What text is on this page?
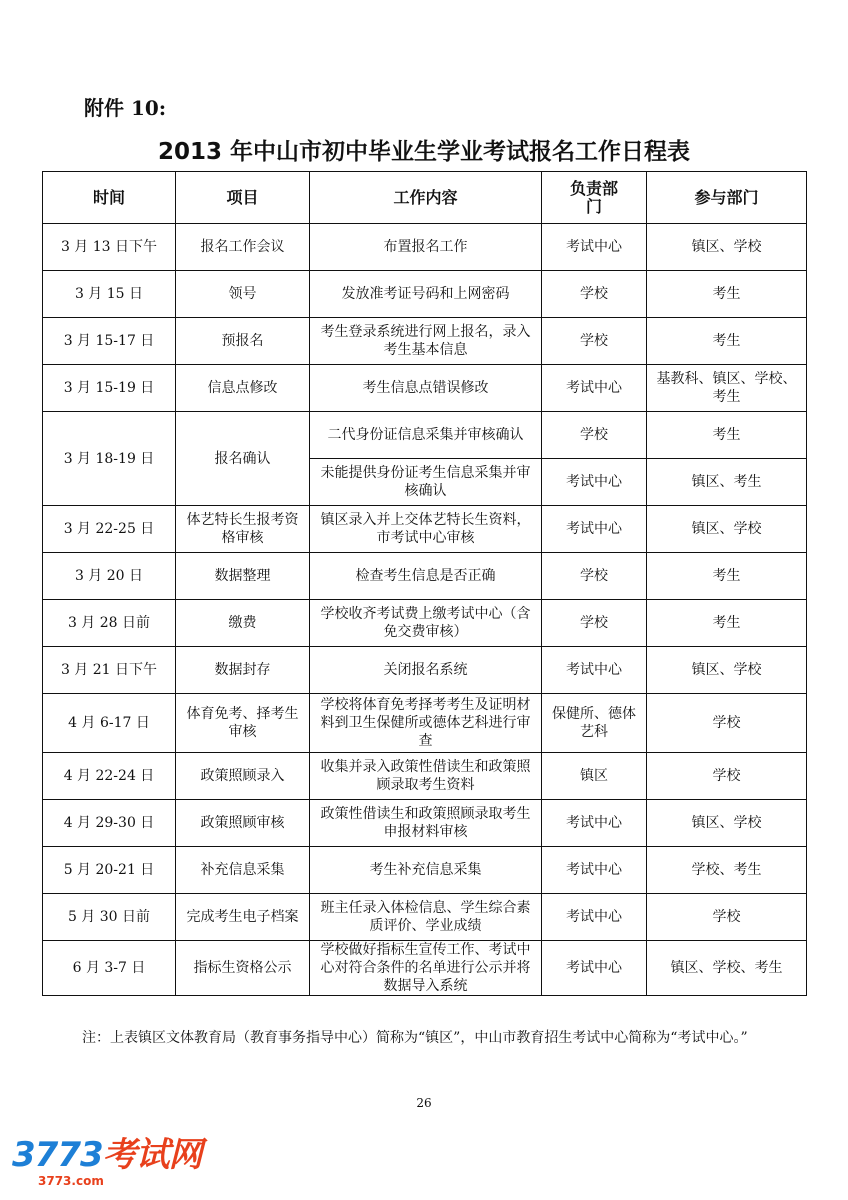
附件 10:
2013 年中山市初中毕业生学业考试报名工作日程表
时间	项目	工作内容	负责部门	参与部门
3 月 13 日下午	报名工作会议	布置报名工作	考试中心	镇区、学校
3 月 15 日	领号	发放准考证号码和上网密码	学校	考生
3 月 15-17 日	预报名	考生登录系统进行网上报名，录入考生基本信息	学校	考生
3 月 15-19 日	信息点修改	考生信息点错误修改	考试中心	基教科、镇区、学校、考生
3 月 18-19 日	报名确认	二代身份证信息采集并审核确认	学校	考生
		未能提供身份证考生信息采集并审核确认	考试中心	镇区、考生
3 月 22-25 日	体艺特长生报考资格审核	镇区录入并上交体艺特长生资料，市考试中心审核	考试中心	镇区、学校
3 月 20 日	数据整理	检查考生信息是否正确	学校	考生
3 月 28 日前	缴费	学校收齐考试费上缴考试中心（含免交费审核）	学校	考生
3 月 21 日下午	数据封存	关闭报名系统	考试中心	镇区、学校
4 月 6-17 日	体育免考、择考生审核	学校将体育免考择考考生及证明材料到卫生保健所或德体艺科进行审查	保健所、德体艺科	学校
4 月 22-24 日	政策照顾录入	收集并录入政策性借读生和政策照顾录取考生资料	镇区	学校
4 月 29-30 日	政策照顾审核	政策性借读生和政策照顾录取考生申报材料审核	考试中心	镇区、学校
5 月 20-21 日	补充信息采集	考生补充信息采集	考试中心	学校、考生
5 月 30 日前	完成考生电子档案	班主任录入体检信息、学生综合素质评价、学业成绩	考试中心	学校
6 月 3-7 日	指标生资格公示	学校做好指标生宣传工作、考试中心对符合条件的名单进行公示并将数据导入系统	考试中心	镇区、学校、考生
注：上表镇区文体教育局（教育事务指导中心）简称为“镇区”，中山市教育招生考试中心简称为“考试中心。”
26
3773考试网
3773.com
